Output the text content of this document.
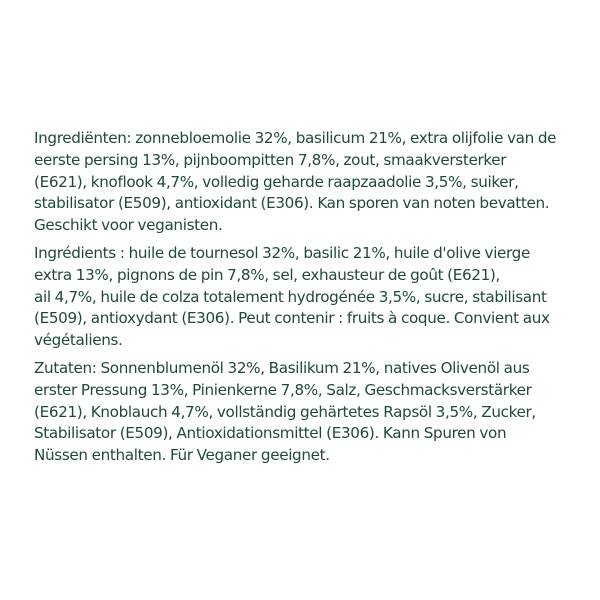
Ingrediënten: zonnebloemolie 32%, basilicum 21%, extra olijfolie van de
eerste persing 13%, pijnboompitten 7,8%, zout, smaakversterker
(E621), knoflook 4,7%, volledig geharde raapzaadolie 3,5%, suiker,
stabilisator (E509), antioxidant (E306). Kan sporen van noten bevatten.
Geschikt voor veganisten.

Ingrédients : huile de tournesol 32%, basilic 21%, huile d'olive vierge
extra 13%, pignons de pin 7,8%, sel, exhausteur de goût (E621),
ail 4,7%, huile de colza totalement hydrogénée 3,5%, sucre, stabilisant
(E509), antioxydant (E306). Peut contenir : fruits à coque. Convient aux
végétaliens.

Zutaten: Sonnenblumenöl 32%, Basilikum 21%, natives Olivenöl aus
erster Pressung 13%, Pinienkerne 7,8%, Salz, Geschmacksverstärker
(E621), Knoblauch 4,7%, vollständig gehärtetes Rapsöl 3,5%, Zucker,
Stabilisator (E509), Antioxidationsmittel (E306). Kann Spuren von
Nüssen enthalten. Für Veganer geeignet.
